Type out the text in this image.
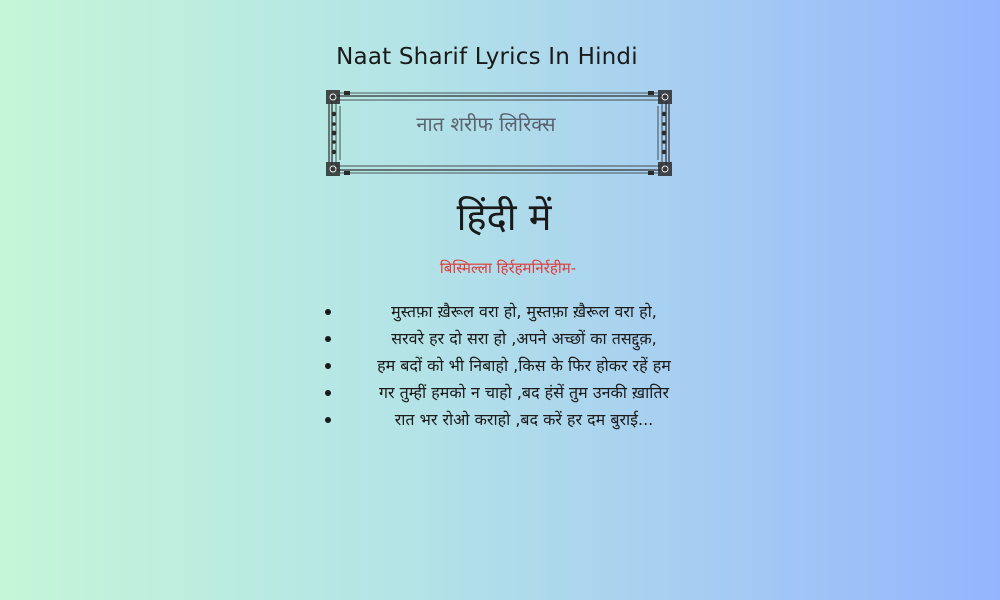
Naat Sharif Lyrics In Hindi
नात शरीफ लिरिक्स
हिंदी में
बिस्मिल्ला हिर्रहमनिर्रहीम-
मुस्तफ़ा ख़ैरूल वरा हो, मुस्तफ़ा ख़ैरूल वरा हो,
सरवरे हर दो सरा हो ,अपने अच्छों का तसद्दुक़,
हम बदों को भी निबाहो ,किस के फिर होकर रहें हम
गर तुम्हीं हमको न चाहो ,बद हंसें तुम उनकी ख़ातिर
रात भर रोओ कराहो ,बद करें हर दम बुराई...
